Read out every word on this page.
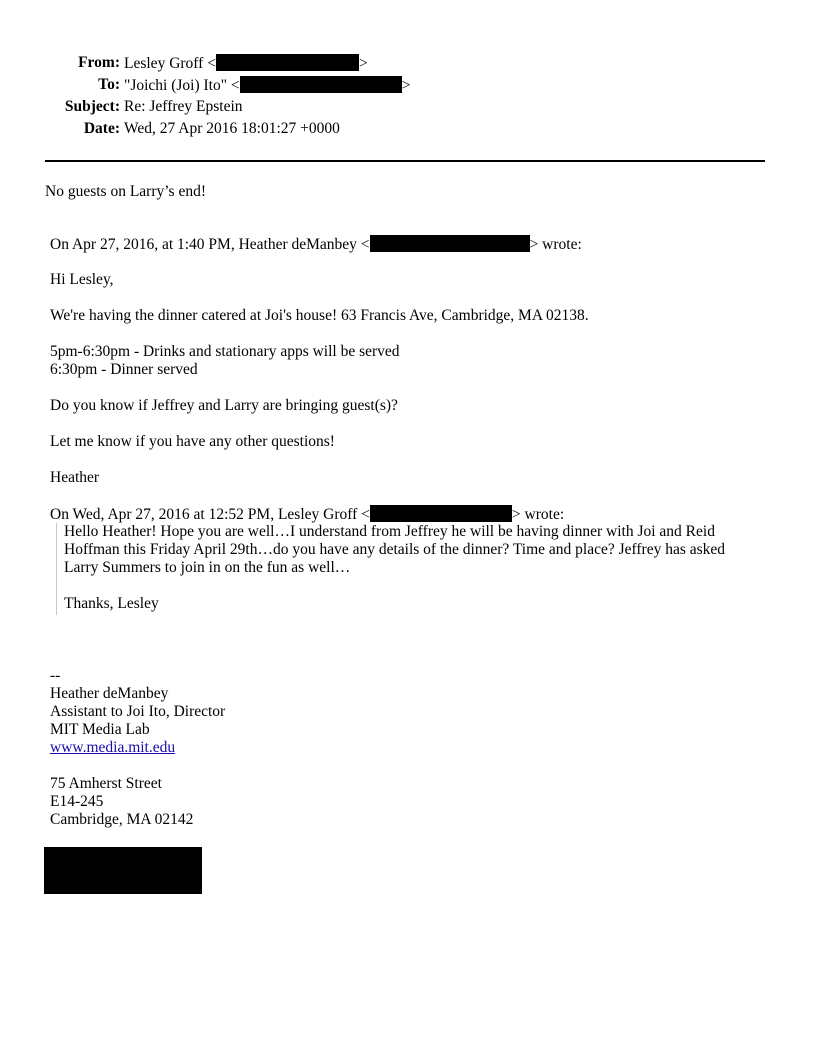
From: Lesley Groff <	>
To: "Joichi (Joi) Ito" <	>
Subject: Re: Jeffrey Epstein
Date: Wed, 27 Apr 2016 18:01:27 +0000
No guests on Larry’s end!
On Apr 27, 2016, at 1:40 PM, Heather deManbey <	> wrote:
Hi Lesley,
We're having the dinner catered at Joi's house! 63 Francis Ave, Cambridge, MA 02138.
5pm-6:30pm - Drinks and stationary apps will be served
6:30pm - Dinner served
Do you know if Jeffrey and Larry are bringing guest(s)?
Let me know if you have any other questions!
Heather
On Wed, Apr 27, 2016 at 12:52 PM, Lesley Groff <	> wrote:
Hello Heather! Hope you are well…I understand from Jeffrey he will be having dinner with Joi and Reid
Hoffman this Friday April 29th…do you have any details of the dinner? Time and place? Jeffrey has asked
Larry Summers to join in on the fun as well…
Thanks, Lesley
--
Heather deManbey
Assistant to Joi Ito, Director
MIT Media Lab
www.media.mit.edu
75 Amherst Street
E14-245
Cambridge, MA 02142
